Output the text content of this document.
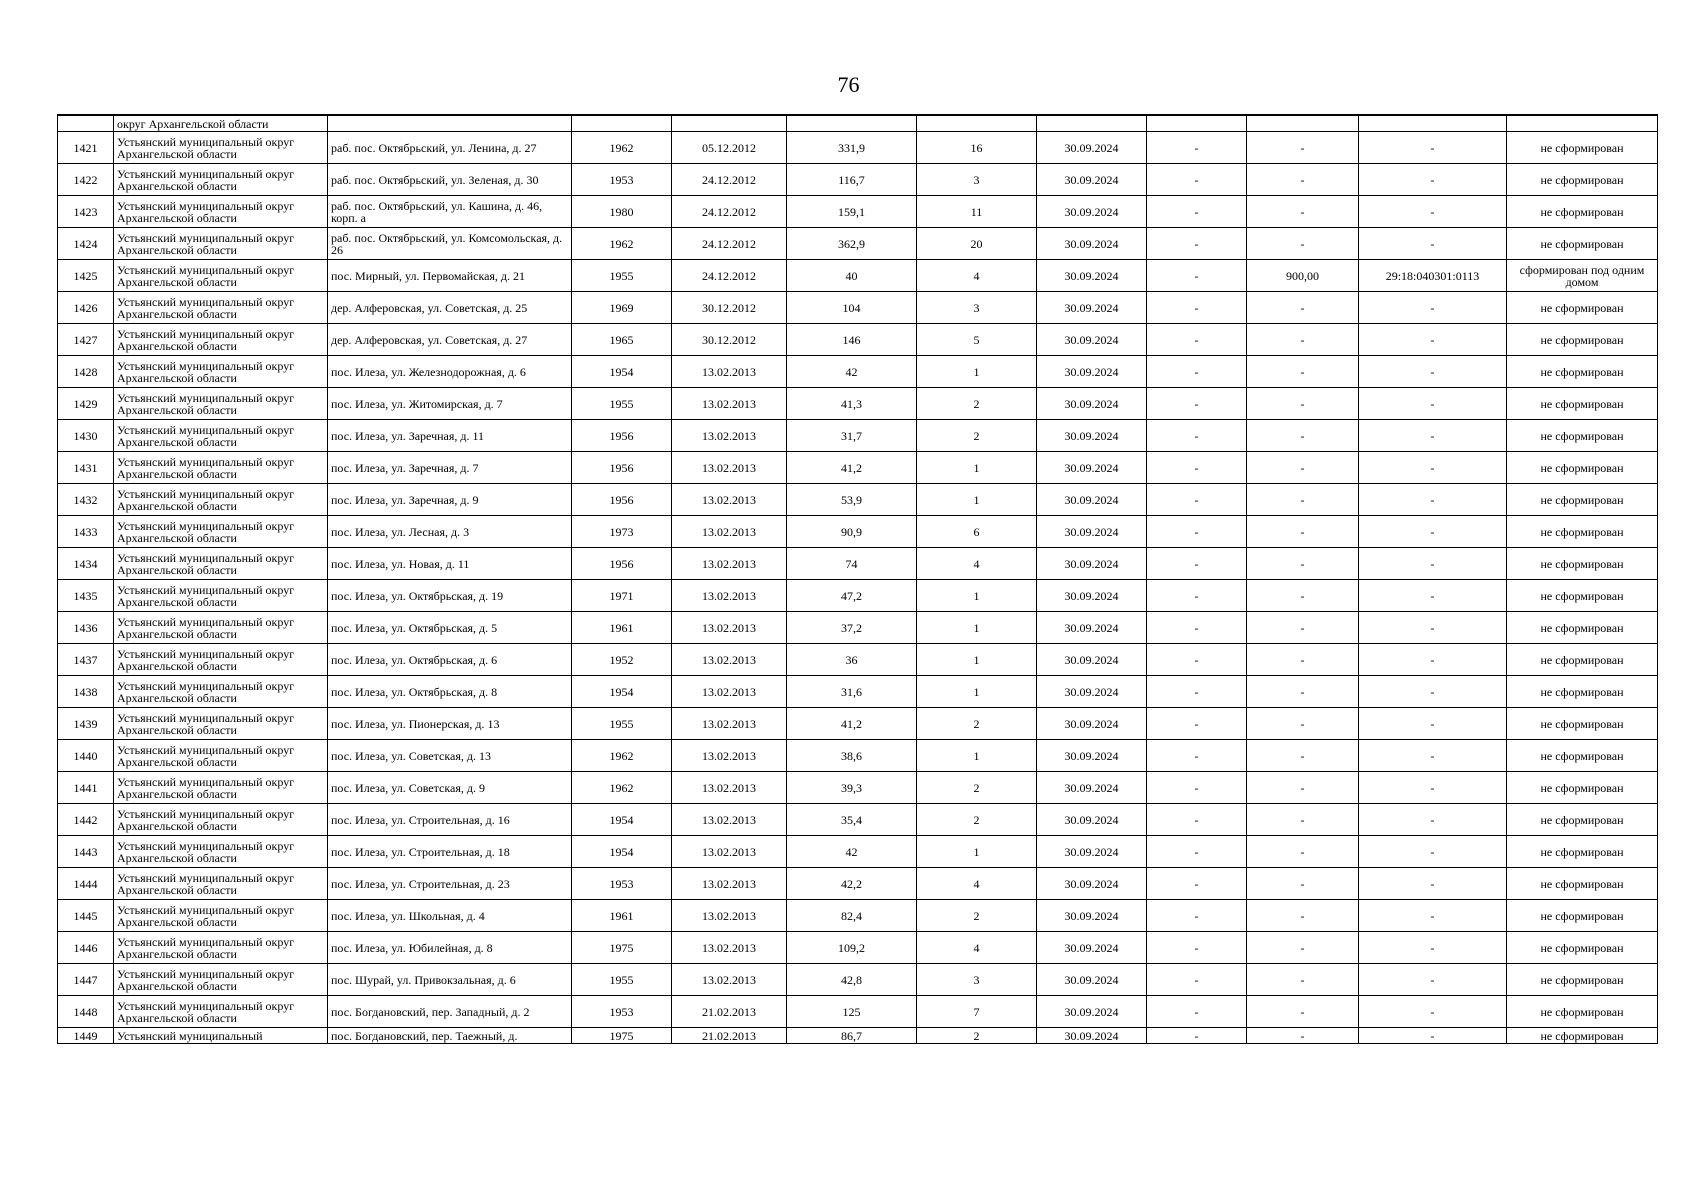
76
	округ Архангельской области										
1421	Устьянский муниципальный округ Архангельской области	раб. пос. Октябрьский, ул. Ленина, д. 27	1962	05.12.2012	331,9	16	30.09.2024	-	-	-	не сформирован
1422	Устьянский муниципальный округ Архангельской области	раб. пос. Октябрьский, ул. Зеленая, д. 30	1953	24.12.2012	116,7	3	30.09.2024	-	-	-	не сформирован
1423	Устьянский муниципальный округ Архангельской области	раб. пос. Октябрьский, ул. Кашина, д. 46, корп. а	1980	24.12.2012	159,1	11	30.09.2024	-	-	-	не сформирован
1424	Устьянский муниципальный округ Архангельской области	раб. пос. Октябрьский, ул. Комсомольская, д. 26	1962	24.12.2012	362,9	20	30.09.2024	-	-	-	не сформирован
1425	Устьянский муниципальный округ Архангельской области	пос. Мирный, ул. Первомайская, д. 21	1955	24.12.2012	40	4	30.09.2024	-	900,00	29:18:040301:0113	сформирован под одним домом
1426	Устьянский муниципальный округ Архангельской области	дер. Алферовская, ул. Советская, д. 25	1969	30.12.2012	104	3	30.09.2024	-	-	-	не сформирован
1427	Устьянский муниципальный округ Архангельской области	дер. Алферовская, ул. Советская, д. 27	1965	30.12.2012	146	5	30.09.2024	-	-	-	не сформирован
1428	Устьянский муниципальный округ Архангельской области	пос. Илеза, ул. Железнодорожная, д. 6	1954	13.02.2013	42	1	30.09.2024	-	-	-	не сформирован
1429	Устьянский муниципальный округ Архангельской области	пос. Илеза, ул. Житомирская, д. 7	1955	13.02.2013	41,3	2	30.09.2024	-	-	-	не сформирован
1430	Устьянский муниципальный округ Архангельской области	пос. Илеза, ул. Заречная, д. 11	1956	13.02.2013	31,7	2	30.09.2024	-	-	-	не сформирован
1431	Устьянский муниципальный округ Архангельской области	пос. Илеза, ул. Заречная, д. 7	1956	13.02.2013	41,2	1	30.09.2024	-	-	-	не сформирован
1432	Устьянский муниципальный округ Архангельской области	пос. Илеза, ул. Заречная, д. 9	1956	13.02.2013	53,9	1	30.09.2024	-	-	-	не сформирован
1433	Устьянский муниципальный округ Архангельской области	пос. Илеза, ул. Лесная, д. 3	1973	13.02.2013	90,9	6	30.09.2024	-	-	-	не сформирован
1434	Устьянский муниципальный округ Архангельской области	пос. Илеза, ул. Новая, д. 11	1956	13.02.2013	74	4	30.09.2024	-	-	-	не сформирован
1435	Устьянский муниципальный округ Архангельской области	пос. Илеза, ул. Октябрьская, д. 19	1971	13.02.2013	47,2	1	30.09.2024	-	-	-	не сформирован
1436	Устьянский муниципальный округ Архангельской области	пос. Илеза, ул. Октябрьская, д. 5	1961	13.02.2013	37,2	1	30.09.2024	-	-	-	не сформирован
1437	Устьянский муниципальный округ Архангельской области	пос. Илеза, ул. Октябрьская, д. 6	1952	13.02.2013	36	1	30.09.2024	-	-	-	не сформирован
1438	Устьянский муниципальный округ Архангельской области	пос. Илеза, ул. Октябрьская, д. 8	1954	13.02.2013	31,6	1	30.09.2024	-	-	-	не сформирован
1439	Устьянский муниципальный округ Архангельской области	пос. Илеза, ул. Пионерская, д. 13	1955	13.02.2013	41,2	2	30.09.2024	-	-	-	не сформирован
1440	Устьянский муниципальный округ Архангельской области	пос. Илеза, ул. Советская, д. 13	1962	13.02.2013	38,6	1	30.09.2024	-	-	-	не сформирован
1441	Устьянский муниципальный округ Архангельской области	пос. Илеза, ул. Советская, д. 9	1962	13.02.2013	39,3	2	30.09.2024	-	-	-	не сформирован
1442	Устьянский муниципальный округ Архангельской области	пос. Илеза, ул. Строительная, д. 16	1954	13.02.2013	35,4	2	30.09.2024	-	-	-	не сформирован
1443	Устьянский муниципальный округ Архангельской области	пос. Илеза, ул. Строительная, д. 18	1954	13.02.2013	42	1	30.09.2024	-	-	-	не сформирован
1444	Устьянский муниципальный округ Архангельской области	пос. Илеза, ул. Строительная, д. 23	1953	13.02.2013	42,2	4	30.09.2024	-	-	-	не сформирован
1445	Устьянский муниципальный округ Архангельской области	пос. Илеза, ул. Школьная, д. 4	1961	13.02.2013	82,4	2	30.09.2024	-	-	-	не сформирован
1446	Устьянский муниципальный округ Архангельской области	пос. Илеза, ул. Юбилейная, д. 8	1975	13.02.2013	109,2	4	30.09.2024	-	-	-	не сформирован
1447	Устьянский муниципальный округ Архангельской области	пос. Шурай, ул. Привокзальная, д. 6	1955	13.02.2013	42,8	3	30.09.2024	-	-	-	не сформирован
1448	Устьянский муниципальный округ Архангельской области	пос. Богдановский, пер. Западный, д. 2	1953	21.02.2013	125	7	30.09.2024	-	-	-	не сформирован
1449	Устьянский муниципальный	пос. Богдановский, пер. Таежный, д.	1975	21.02.2013	86,7	2	30.09.2024	-	-	-	не сформирован
